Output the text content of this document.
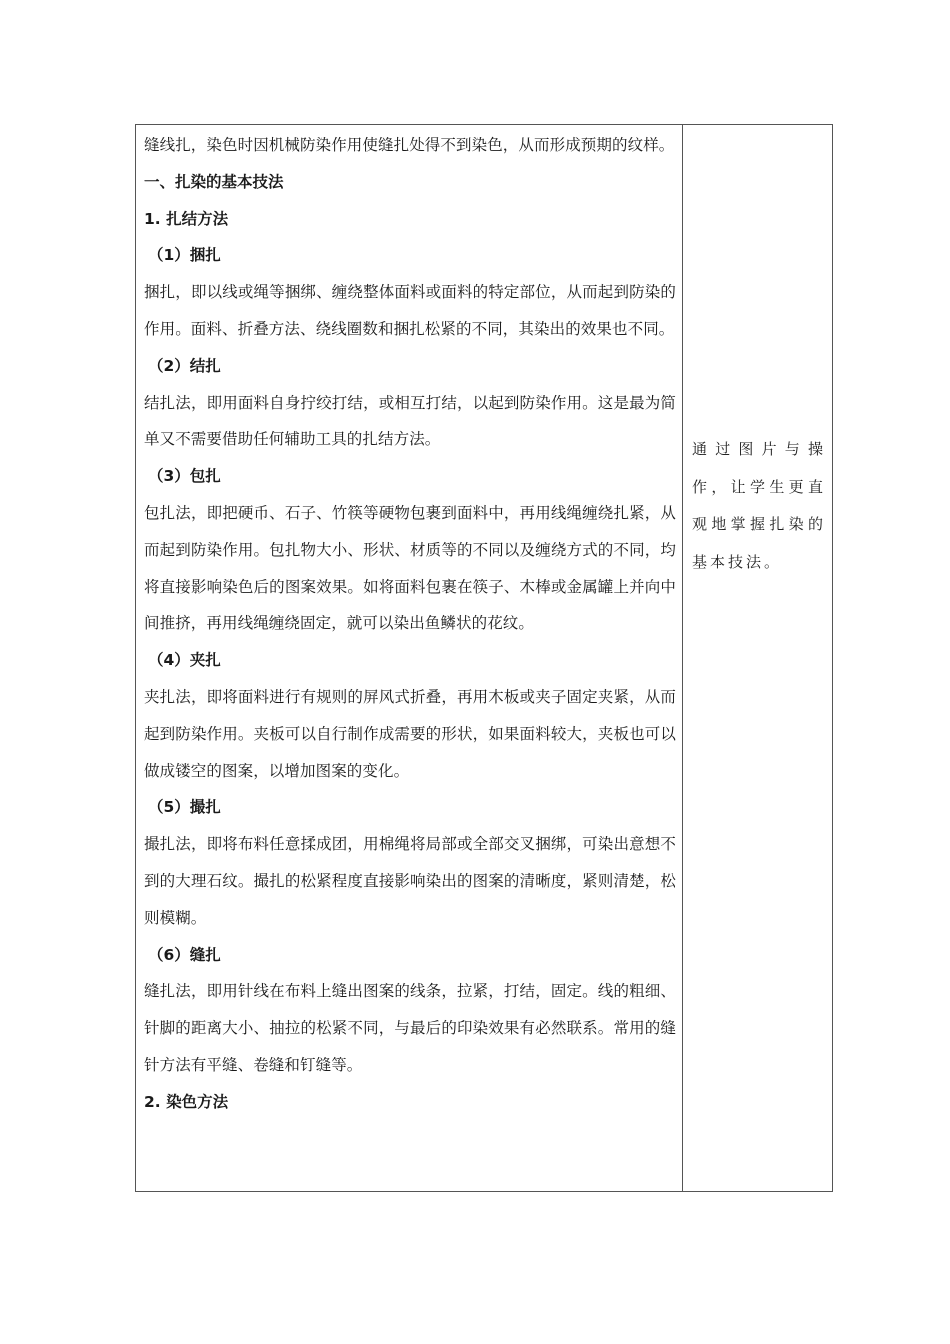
缝线扎，染色时因机械防染作用使缝扎处得不到染色，从而形成预期的纹样。

一、扎染的基本技法

1. 扎结方法

（1）捆扎

捆扎，即以线或绳等捆绑、缠绕整体面料或面料的特定部位，从而起到防染的作用。面料、折叠方法、绕线圈数和捆扎松紧的不同，其染出的效果也不同。

（2）结扎

结扎法，即用面料自身拧绞打结，或相互打结，以起到防染作用。这是最为简单又不需要借助任何辅助工具的扎结方法。

（3）包扎

包扎法，即把硬币、石子、竹筷等硬物包裹到面料中，再用线绳缠绕扎紧，从而起到防染作用。包扎物大小、形状、材质等的不同以及缠绕方式的不同，均将直接影响染色后的图案效果。如将面料包裹在筷子、木棒或金属罐上并向中间推挤，再用线绳缠绕固定，就可以染出鱼鳞状的花纹。

（4）夹扎

夹扎法，即将面料进行有规则的屏风式折叠，再用木板或夹子固定夹紧，从而起到防染作用。夹板可以自行制作成需要的形状，如果面料较大，夹板也可以做成镂空的图案，以增加图案的变化。

（5）撮扎

撮扎法，即将布料任意揉成团，用棉绳将局部或全部交叉捆绑，可染出意想不到的大理石纹。撮扎的松紧程度直接影响染出的图案的清晰度，紧则清楚，松则模糊。

（6）缝扎

缝扎法，即用针线在布料上缝出图案的线条，拉紧，打结，固定。线的粗细、针脚的距离大小、抽拉的松紧不同，与最后的印染效果有必然联系。常用的缝针方法有平缝、卷缝和钉缝等。

2. 染色方法

通过图片与操作，让学生更直观地掌握扎染的基本技法。
